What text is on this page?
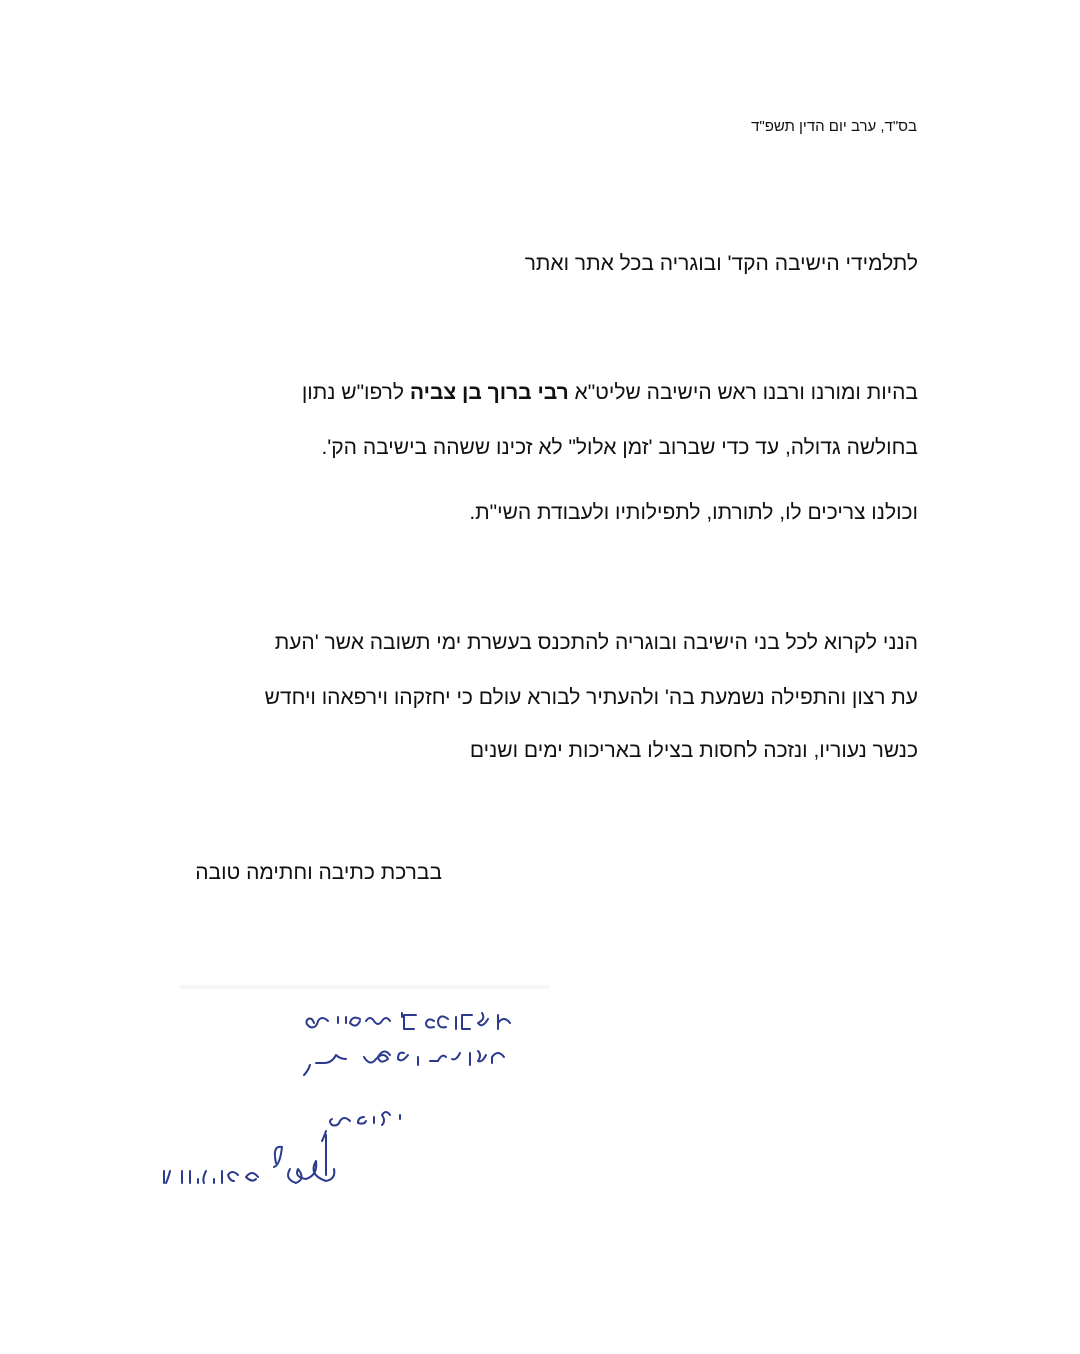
בס"ד, ערב יום הדין תשפ"ד
לתלמידי הישיבה הקד' ובוגריה בכל אתר ואתר
בהיות ומורנו ורבנו ראש הישיבה שליט"א רבי ברוך בן צביה לרפו"ש נתון
בחולשה גדולה, עד כדי שברוב 'זמן אלול" לא זכינו ששהה בישיבה הק'.
וכולנו צריכים לו, לתורתו, לתפילותיו ולעבודת השי"ת.
הנני לקרוא לכל בני הישיבה ובוגריה להתכנס בעשרת ימי תשובה אשר 'העת
עת רצון והתפילה נשמעת בה' ולהעתיר לבורא עולם כי יחזקהו וירפאהו ויחדש
כנשר נעוריו, ונזכה לחסות בצילו באריכות ימים ושנים
בברכת כתיבה וחתימה טובה
